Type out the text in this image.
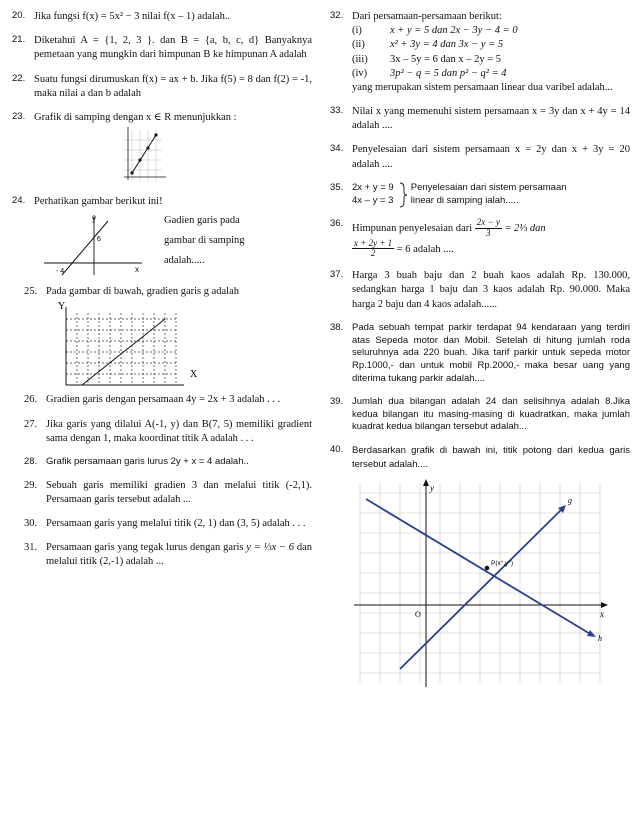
20. Jika fungsi f(x) = 5x² − 3 nilai f(x – 1) adalah..
21. Diketahui A = {1, 2, 3 }. dan B = {a, b, c, d} Banyaknya pemetaan yang mungkin dari himpunan B ke himpunan A adalah
22. Suatu fungsi dirumuskan f(x) = ax + b. Jika f(5) = 8 dan f(2) = -1, maka nilai a dan b adalah
23. Grafik di samping dengan x ∈ R menunjukkan :
24. Perhatikan gambar berikut ini!
y
x
6
- 4
Gadien garis pada
gambar di samping
adalah.....
25. Pada gambar di bawah, gradien garis g adalah
Y
X
26. Gradien garis dengan persamaan 4y = 2x + 3 adalah . . .
27. Jika garis yang dilalui A(-1, y) dan B(7, 5) memiliki gradient sama dengan 1, maka koordinat titik A adalah . . .
28. Grafik persamaan garis lurus 2y + x = 4 adalah..
29. Sebuah garis memiliki gradien 3 dan melalui titik (-2,1). Persamaan garis tersebut adalah ...
30. Persamaan garis yang melalui titik (2, 1) dan (3, 5) adalah . . .
31. Persamaan garis yang tegak lurus dengan garis y = ⅓x − 6 dan melalui titik (2,-1) adalah ...
32. Dari persamaan-persamaan berikut:
(i)	x + y = 5 dan 2x − 3y − 4 = 0
(ii)	x² + 3y = 4 dan 3x − y = 5
(iii)	3x – 5y = 6 dan x – 2y = 5
(iv)	3p² − q = 5 dan p² − q² = 4
yang merupakan sistem persamaan linear dua varibel adalah...
33. Nilai x yang memenuhi sistem persamaan x = 3y dan x + 4y = 14 adalah ....
34. Penyelesaian dari sistem persamaan x = 2y dan x + 3y = 20 adalah ....
35. 2x + y = 9
4x – y = 3
Penyelesaian dari sistem persamaan
linear di samping ialah.....
36. Himpunan penyelesaian dari $\frac{2x - y}{3}$ = 2⅓ dan
$\frac{x + 2y + 1}{2} = 6$ adalah ....
37. Harga 3 buah baju dan 2 buah kaos adalah Rp. 130.000, sedangkan harga 1 baju dan 3 kaos adalah Rp. 90.000. Maka harga 2 baju dan 4 kaos adalah......
38. Pada sebuah tempat parkir terdapat 94 kendaraan yang terdiri atas Sepeda motor dan Mobil. Setelah di hitung jumlah roda seluruhnya ada 220 buah. Jika tarif parkir untuk sepeda motor Rp.1000,- dan untuk mobil Rp.2000,- maka besar uang yang diterima tukang parkir adalah....
39. Jumlah dua bilangan adalah 24 dan selisihnya adalah 8.Jika kedua bilangan itu masing-masing di kuadratkan, maka jumlah kuadrat kedua bilangan tersebut adalah...
40. Berdasarkan grafik di bawah ini, titik potong dari kedua garis tersebut adalah....
y
x
O
P(x°,y°)
g
h
